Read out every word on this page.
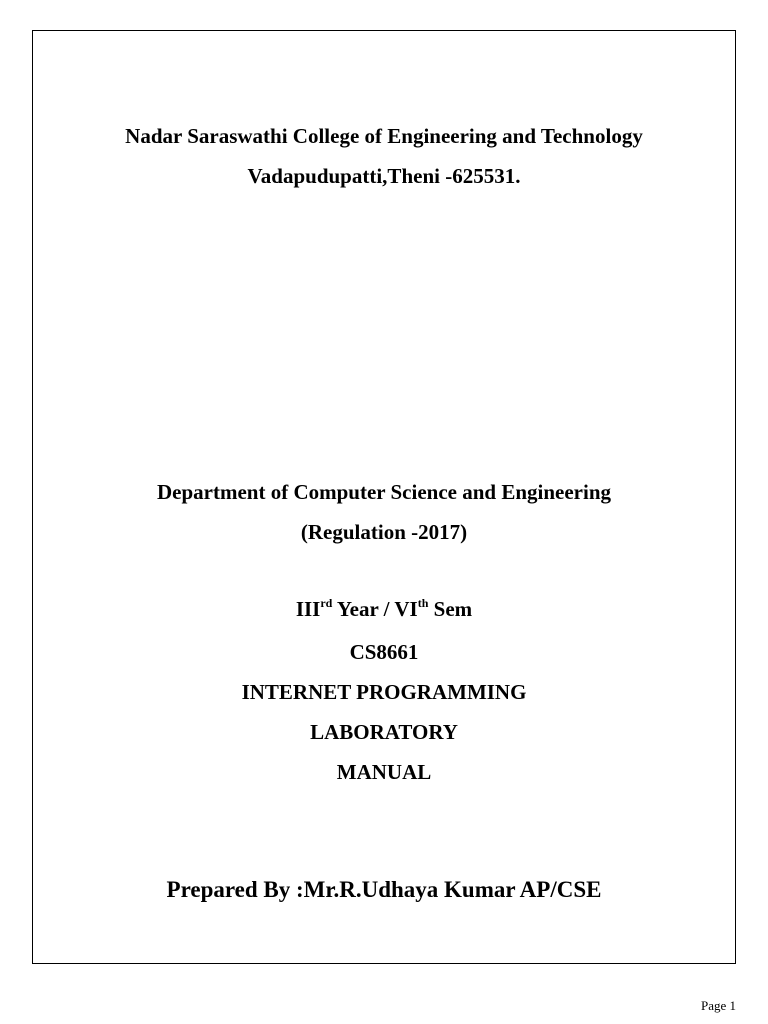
Nadar Saraswathi College of Engineering and Technology
Vadapudupatti,Theni -625531.
Department of Computer Science and Engineering
(Regulation -2017)
IIIrd Year / VIth Sem
CS8661
INTERNET PROGRAMMING
LABORATORY
MANUAL
Prepared By :Mr.R.Udhaya Kumar AP/CSE
Page 1
